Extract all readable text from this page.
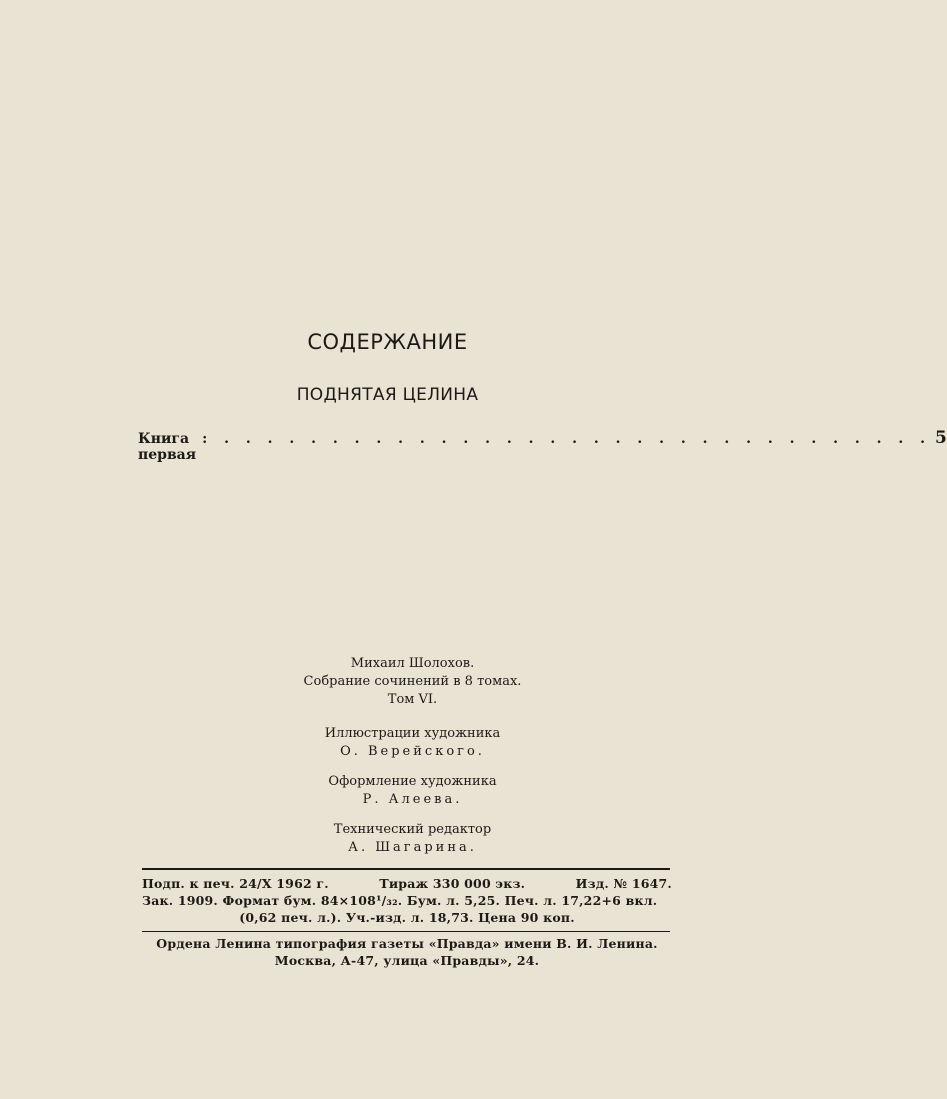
СОДЕРЖАНИЕ
ПОДНЯТАЯ ЦЕЛИНА
Книга первая
: . . . . . . . . . . . . . . . . . . . . . . . . . . . . . . . . . 5
Михаил Шолохов.
Собрание сочинений в 8 томах.
Том VI.
Иллюстрации художника
О. Верейского.
Оформление художника
Р. Алеева.
Технический редактор
А. Шагарина.
Подп. к печ. 24/X 1962 г.	Тираж 330 000 экз.	Изд. № 1647.
Зак. 1909. Формат бум. 84×108¹/₃₂. Бум. л. 5,25. Печ. л. 17,22+6 вкл.
(0,62 печ. л.). Уч.-изд. л. 18,73. Цена 90 коп.
Ордена Ленина типография газеты «Правда» имени В. И. Ленина.
Москва, А-47, улица «Правды», 24.
